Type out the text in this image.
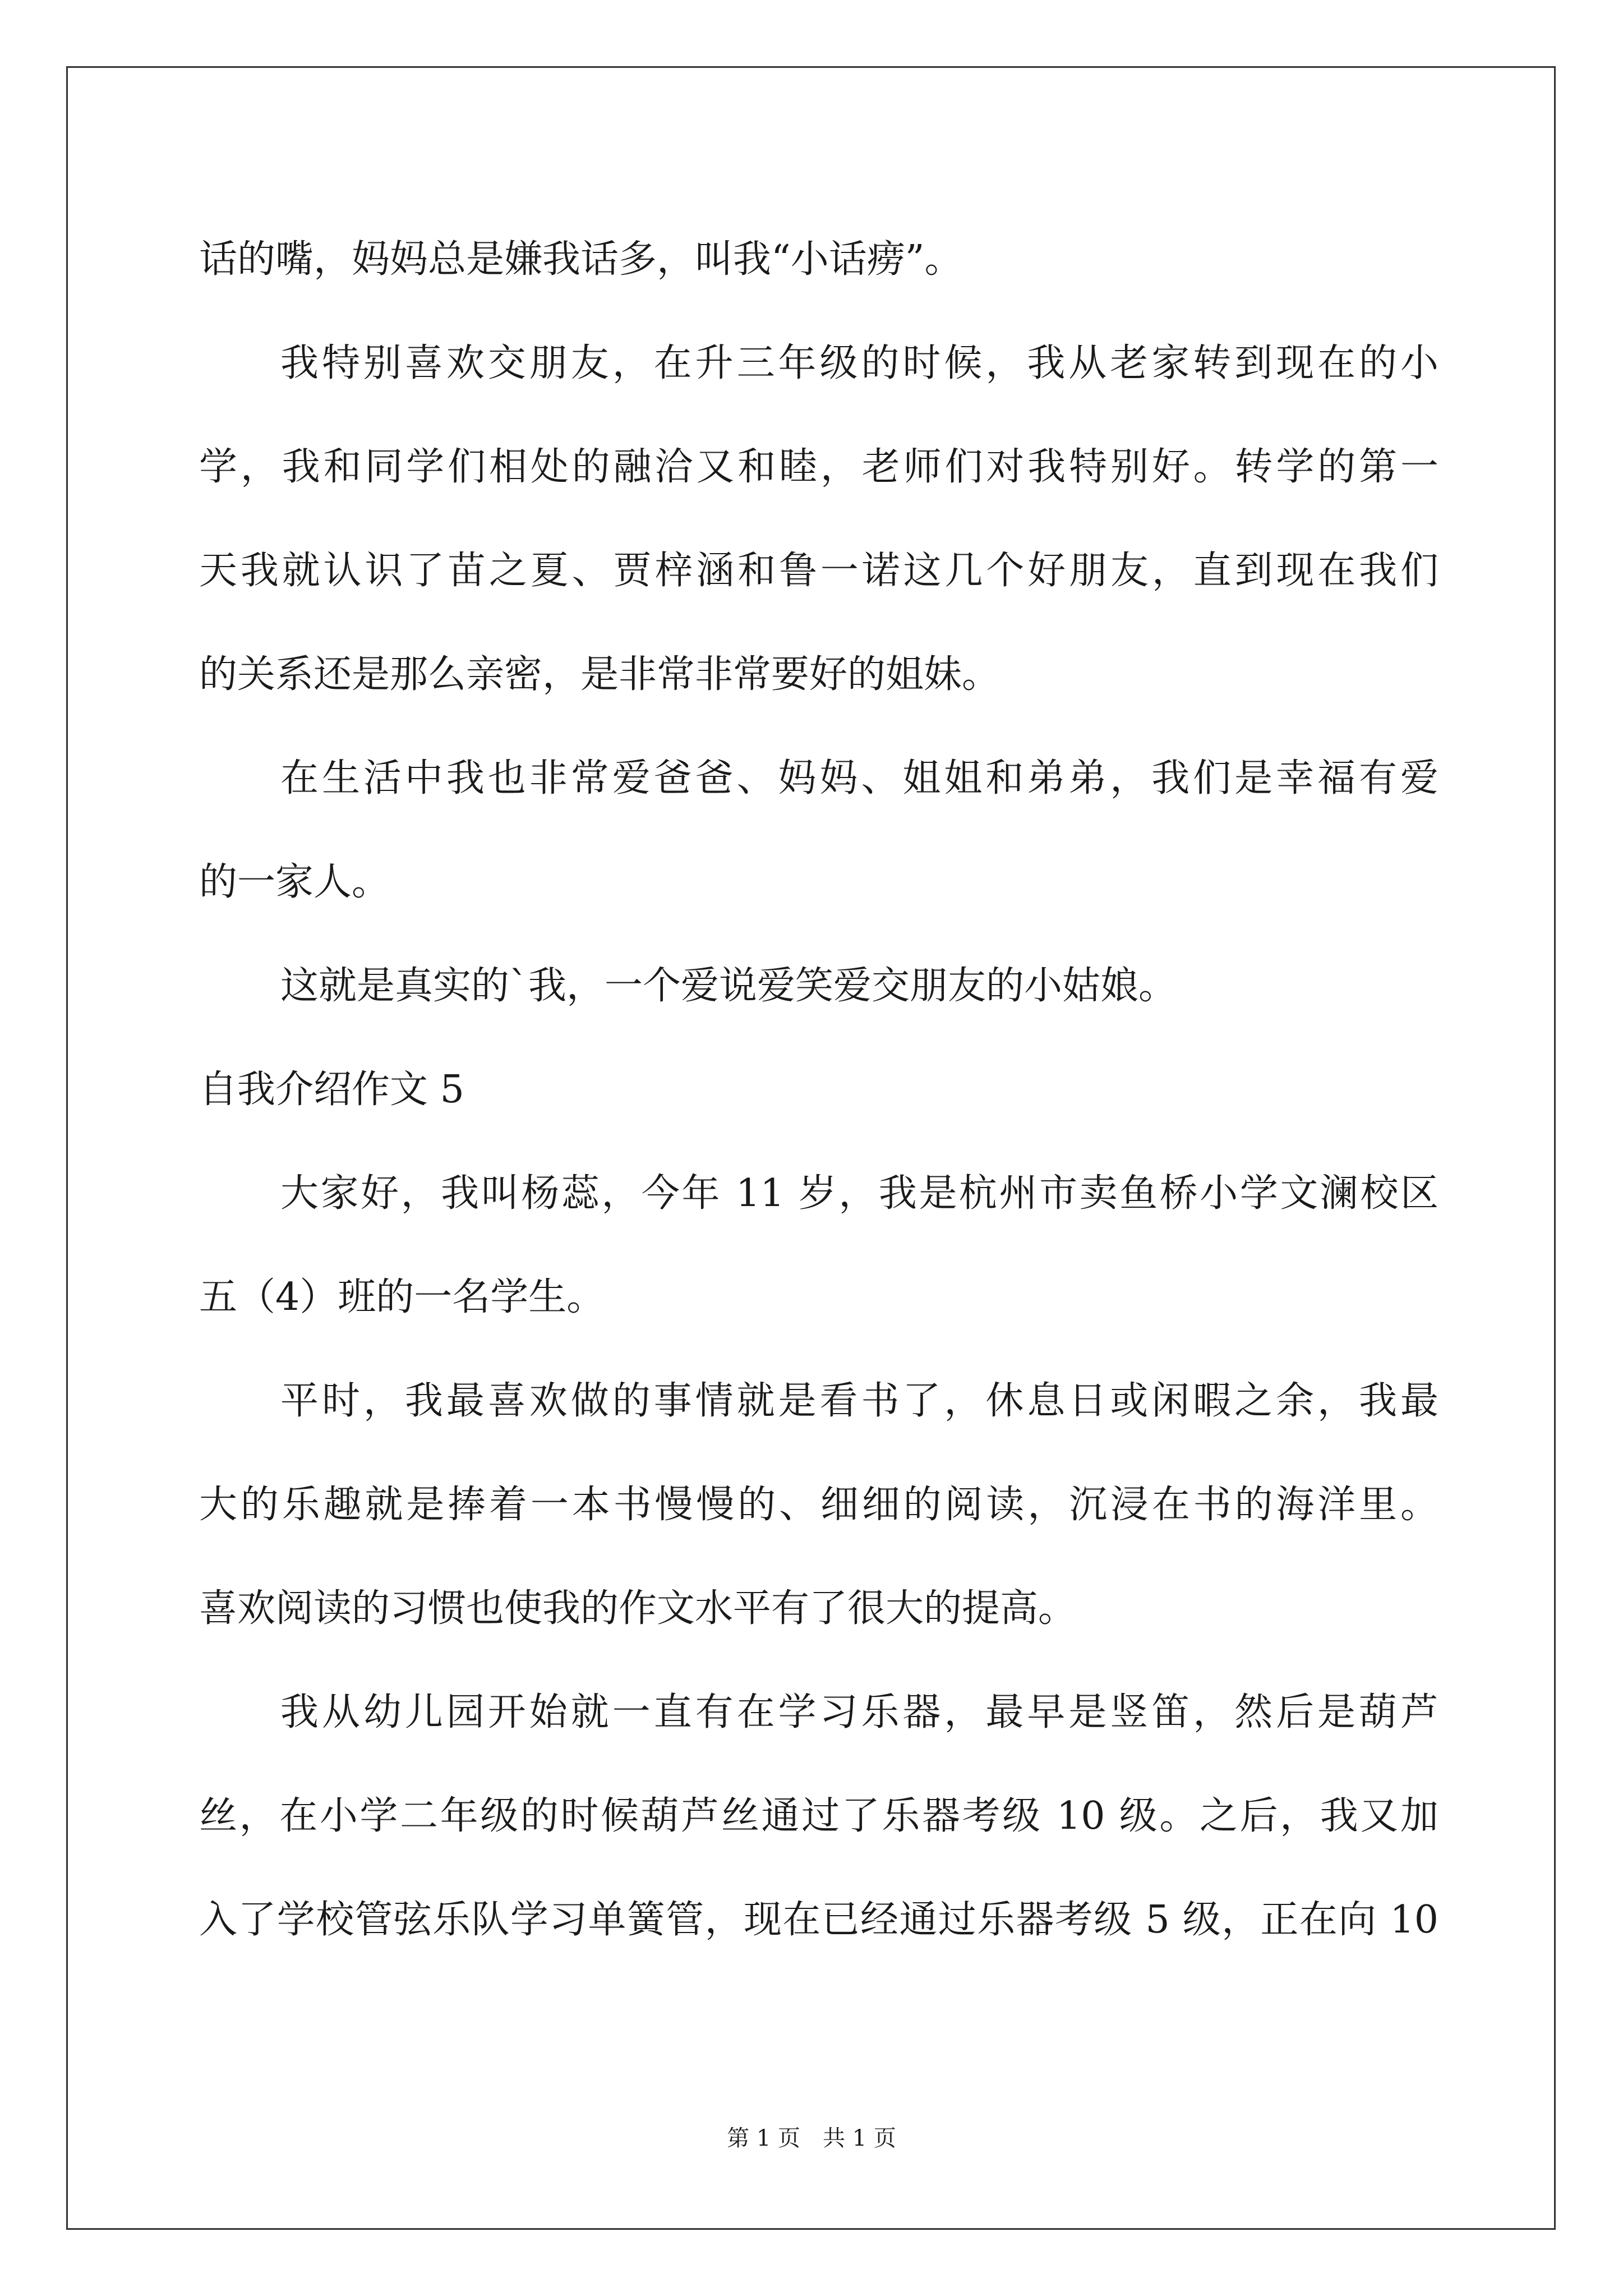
话的嘴，妈妈总是嫌我话多，叫我“小话痨”。
我特别喜欢交朋友，在升三年级的时候，我从老家转到现在的小
学，我和同学们相处的融洽又和睦，老师们对我特别好。转学的第一
天我就认识了苗之夏、贾梓涵和鲁一诺这几个好朋友，直到现在我们
的关系还是那么亲密，是非常非常要好的姐妹。
在生活中我也非常爱爸爸、妈妈、姐姐和弟弟，我们是幸福有爱
的一家人。
这就是真实的`我，一个爱说爱笑爱交朋友的小姑娘。
自我介绍作文 5
大家好，我叫杨蕊，今年 11 岁，我是杭州市卖鱼桥小学文澜校区
五（4）班的一名学生。
平时，我最喜欢做的事情就是看书了，休息日或闲暇之余，我最
大的乐趣就是捧着一本书慢慢的、细细的阅读，沉浸在书的海洋里。
喜欢阅读的习惯也使我的作文水平有了很大的提高。
我从幼儿园开始就一直有在学习乐器，最早是竖笛，然后是葫芦
丝，在小学二年级的时候葫芦丝通过了乐器考级 10 级。之后，我又加
入了学校管弦乐队学习单簧管，现在已经通过乐器考级 5 级，正在向 10
第 1 页 共 1 页
